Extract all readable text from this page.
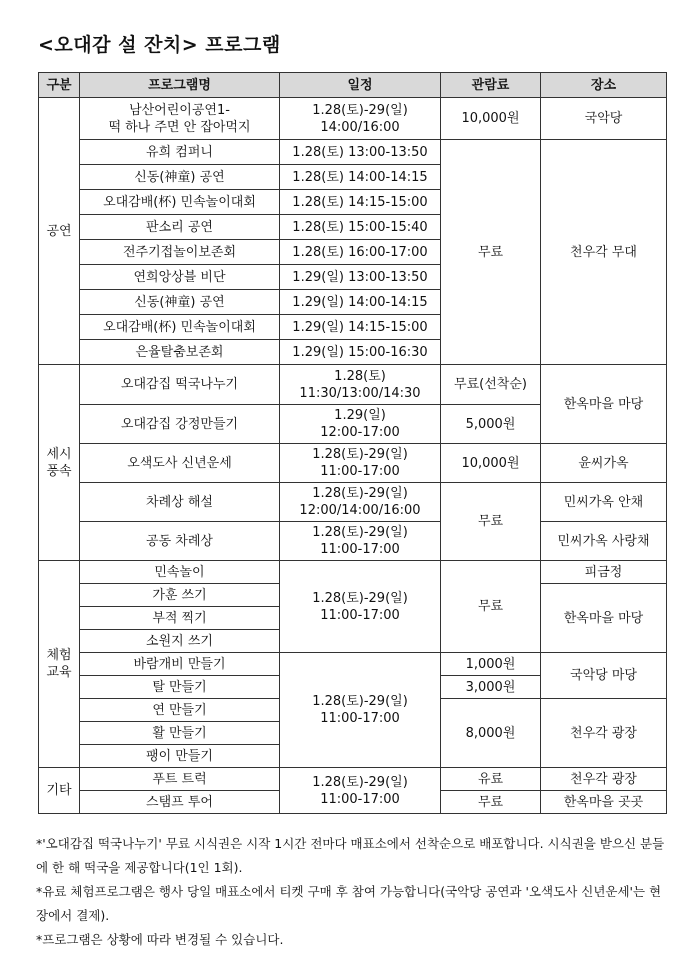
<오대감 설 잔치> 프로그램
구분	프로그램명	일정	관람료	장소
공연	남산어린이공연1-
떡 하나 주면 안 잡아먹지	1.28(토)-29(일)
14:00/16:00	10,000원	국악당
	유희 컴퍼니	1.28(토) 13:00-13:50	무료	천우각 무대
	신동(神童) 공연	1.28(토) 14:00-14:15		
	오대감배(杯) 민속놀이대회	1.28(토) 14:15-15:00		
	판소리 공연	1.28(토) 15:00-15:40		
	전주기접놀이보존회	1.28(토) 16:00-17:00		
	연희앙상블 비단	1.29(일) 13:00-13:50		
	신동(神童) 공연	1.29(일) 14:00-14:15		
	오대감배(杯) 민속놀이대회	1.29(일) 14:15-15:00		
	은율탈춤보존회	1.29(일) 15:00-16:30		
세시
풍속	오대감집 떡국나누기	1.28(토)
11:30/13:00/14:30	무료(선착순)	한옥마을 마당
	오대감집 강정만들기	1.29(일)
12:00-17:00	5,000원	
	오색도사 신년운세	1.28(토)-29(일)
11:00-17:00	10,000원	윤씨가옥
	차례상 해설	1.28(토)-29(일)
12:00/14:00/16:00	무료	민씨가옥 안채
	공동 차례상	1.28(토)-29(일)
11:00-17:00		민씨가옥 사랑채
체험
교육	민속놀이	1.28(토)-29(일)
11:00-17:00	무료	피금정
	가훈 쓰기			한옥마을 마당
	부적 찍기			
	소원지 쓰기			
	바람개비 만들기	1.28(토)-29(일)
11:00-17:00	1,000원	국악당 마당
	탈 만들기		3,000원	
	연 만들기		8,000원	천우각 광장
	활 만들기			
	팽이 만들기			
기타	푸트 트럭	1.28(토)-29(일)
11:00-17:00	유료	천우각 광장
	스탬프 투어		무료	한옥마을 곳곳

*'오대감집 떡국나누기' 무료 시식권은 시작 1시간 전마다 매표소에서 선착순으로 배포합니다. 시식권을 받으신 분들에 한 해 떡국을 제공합니다(1인 1회).

*유료 체험프로그램은 행사 당일 매표소에서 티켓 구매 후 참여 가능합니다(국악당 공연과 '오색도사 신년운세'는 현장에서 결제).

*프로그램은 상황에 따라 변경될 수 있습니다.
